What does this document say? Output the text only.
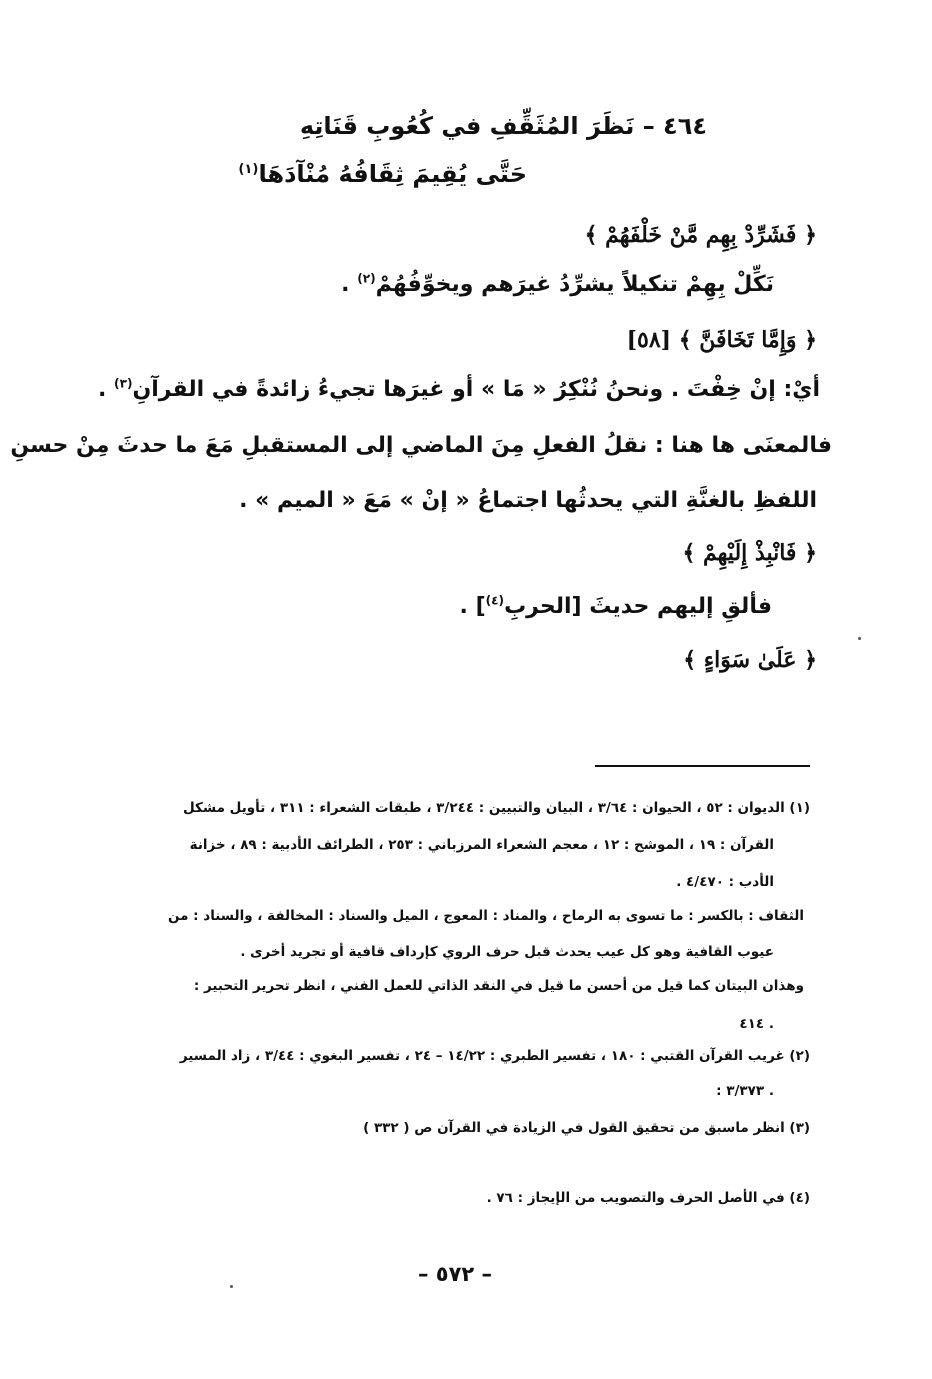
٤٦٤ – نَظَرَ المُثَقِّفِ في كُعُوبِ قَنَاتِهِ
حَتَّى يُقِيمَ ثِقَافُهُ مُنْآدَهَا$^{(١)}$
﴿ فَشَرِّدْ بِهِم مَّنْ خَلْفَهُمْ ﴾
نَكِّلْ بِهِمْ تنكيلاً يشرِّدُ غيرَهم ويخوِّفُهُمْ$^{(٢)}$ .
﴿ وَإِمَّا تَخَافَنَّ ﴾ [٥٨]
أيْ: إنْ خِفْتَ . ونحنُ نُنْكِرُ « مَا » أو غيرَها تجيءُ زائدةً في القرآنِ$^{(٣)}$ .
فالمعنَى ها هنا : نقلُ الفعلِ مِنَ الماضي إلى المستقبلِ مَعَ ما حدثَ مِنْ حسنِ
اللفظِ بالغنَّةِ التي يحدثُها اجتماعُ « إنْ » مَعَ « الميم » .
﴿ فَانْبِذْ إِلَيْهِمْ ﴾
فألقِ إليهم حديثَ [الحربِ$^{(٤)}$] .
﴿ عَلَىٰ سَوَاءٍ ﴾
(١) الديوان : ٥٢ ، الحيوان : ٣/٦٤ ، البيان والتبيين : ٣/٢٤٤ ، طبقات الشعراء : ٣١١ ، تأويل مشكل
القرآن : ١٩ ، الموشح : ١٢ ، معجم الشعراء المرزباني : ٢٥٣ ، الطرائف الأدبية : ٨٩ ، خزانة
الأدب : ٤/٤٧٠ .
الثقاف : بالكسر : ما تسوى به الرماح ، والمناد : المعوج ، الميل والسناد : المخالفة ، والسناد : من
عيوب القافية وهو كل عيب يحدث قبل حرف الروي كإرداف قافية أو تجريد أخرى .
وهذان البيتان كما قيل من أحسن ما قيل في النقد الذاتي للعمل الفني ، انظر تحرير التحبير :
٤١٤ .
(٢) غريب القرآن القتبي : ١٨٠ ، تفسير الطبري : ١٤/٢٢ – ٢٤ ، تفسير البغوي : ٣/٤٤ ، زاد المسير
: ٣/٣٧٣ .
(٣) انظر ماسبق من تحقيق القول في الزيادة في القرآن ص ( ٣٣٢ )
(٤) في الأصل الحرف والتصويب من الإيجاز : ٧٦ .
– ٥٧٢ –
